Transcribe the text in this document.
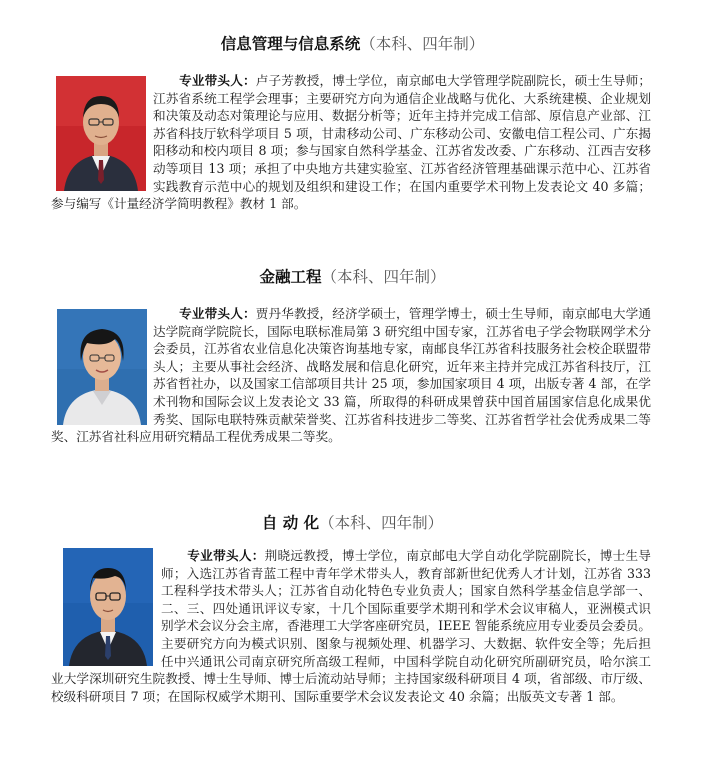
信息管理与信息系统（本科、四年制）

专业带头人：卢子芳教授，博士学位，南京邮电大学管理学院副院长，硕士生导师；江苏省系统工程学会理事；主要研究方向为通信企业战略与优化、大系统建模、企业规划和决策及动态对策理论与应用、数据分析等；近年主持并完成工信部、原信息产业部、江苏省科技厅软科学项目 5 项，甘肃移动公司、广东移动公司、安徽电信工程公司、广东揭阳移动和校内项目 8 项；参与国家自然科学基金、江苏省发改委、广东移动、江西吉安移动等项目 13 项；承担了中央地方共建实验室、江苏省经济管理基础课示范中心、江苏省实践教育示范中心的规划及组织和建设工作；在国内重要学术刊物上发表论文 40 多篇；参与编写《计量经济学简明教程》教材 1 部。

金融工程（本科、四年制）

专业带头人：贾丹华教授，经济学硕士，管理学博士，硕士生导师，南京邮电大学通达学院商学院院长，国际电联标准局第 3 研究组中国专家，江苏省电子学会物联网学术分会委员，江苏省农业信息化决策咨询基地专家，南邮良华江苏省科技服务社会校企联盟带头人；主要从事社会经济、战略发展和信息化研究，近年来主持并完成江苏省科技厅，江苏省哲社办，以及国家工信部项目共计 25 项，参加国家项目 4 项，出版专著 4 部，在学术刊物和国际会议上发表论文 33 篇，所取得的科研成果曾获中国首届国家信息化成果优秀奖、国际电联特殊贡献荣誉奖、江苏省科技进步二等奖、江苏省哲学社会优秀成果二等奖、江苏省社科应用研究精品工程优秀成果二等奖。

自 动 化（本科、四年制）

专业带头人：荆晓远教授，博士学位，南京邮电大学自动化学院副院长，博士生导师；入选江苏省青蓝工程中青年学术带头人，教育部新世纪优秀人才计划，江苏省 333 工程科学技术带头人；江苏省自动化特色专业负责人；国家自然科学基金信息学部一、二、三、四处通讯评议专家，十几个国际重要学术期刊和学术会议审稿人，亚洲模式识别学术会议分会主席，香港理工大学客座研究员，IEEE 智能系统应用专业委员会委员。主要研究方向为模式识别、图象与视频处理、机器学习、大数据、软件安全等；先后担任中兴通讯公司南京研究所高级工程师，中国科学院自动化研究所副研究员，哈尔滨工业大学深圳研究生院教授、博士生导师、博士后流动站导师；主持国家级科研项目 4 项，省部级、市厅级、校级科研项目 7 项；在国际权威学术期刊、国际重要学术会议发表论文 40 余篇；出版英文专著 1 部。
